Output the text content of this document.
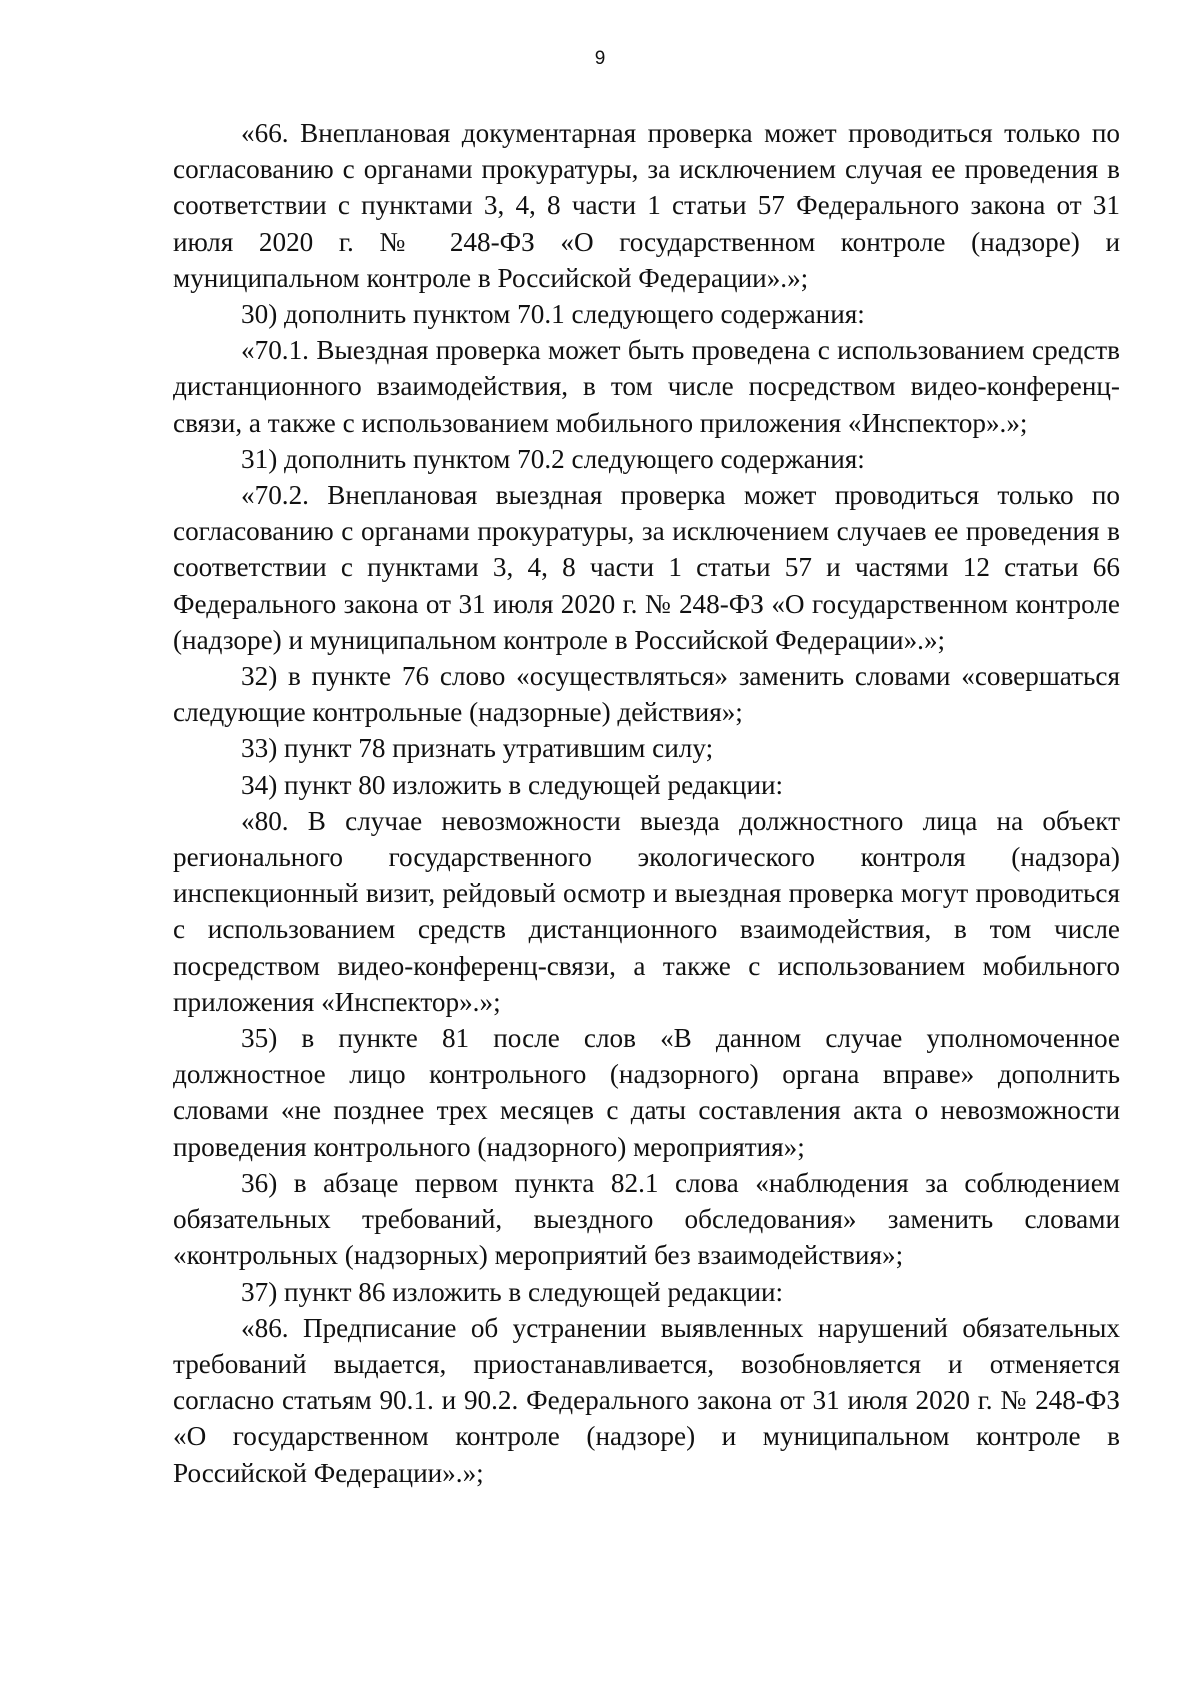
9

«66. Внеплановая документарная проверка может проводиться только по согласованию с органами прокуратуры, за исключением случая ее проведения в соответствии с пунктами 3, 4, 8 части 1 статьи 57 Федерального закона от 31 июля 2020 г. № 248-ФЗ «О государственном контроле (надзоре) и муниципальном контроле в Российской Федерации».»;

30) дополнить пунктом 70.1 следующего содержания:

«70.1. Выездная проверка может быть проведена с использованием средств дистанционного взаимодействия, в том числе посредством видео-конференц-связи, а также с использованием мобильного приложения «Инспектор».»;

31) дополнить пунктом 70.2 следующего содержания:

«70.2. Внеплановая выездная проверка может проводиться только по согласованию с органами прокуратуры, за исключением случаев ее проведения в соответствии с пунктами 3, 4, 8 части 1 статьи 57 и частями 12 статьи 66 Федерального закона от 31 июля 2020 г. № 248-ФЗ «О государственном контроле (надзоре) и муниципальном контроле в Российской Федерации».»;

32) в пункте 76 слово «осуществляться» заменить словами «совершаться следующие контрольные (надзорные) действия»;

33) пункт 78 признать утратившим силу;

34) пункт 80 изложить в следующей редакции:

«80. В случае невозможности выезда должностного лица на объект регионального государственного экологического контроля (надзора) инспекционный визит, рейдовый осмотр и выездная проверка могут проводиться с использованием средств дистанционного взаимодействия, в том числе посредством видео-конференц-связи, а также с использованием мобильного приложения «Инспектор».»;

35) в пункте 81 после слов «В данном случае уполномоченное должностное лицо контрольного (надзорного) органа вправе» дополнить словами «не позднее трех месяцев с даты составления акта о невозможности проведения контрольного (надзорного) мероприятия»;

36) в абзаце первом пункта 82.1 слова «наблюдения за соблюдением обязательных требований, выездного обследования» заменить словами «контрольных (надзорных) мероприятий без взаимодействия»;

37) пункт 86 изложить в следующей редакции:

«86. Предписание об устранении выявленных нарушений обязательных требований выдается, приостанавливается, возобновляется и отменяется согласно статьям 90.1. и 90.2. Федерального закона от 31 июля 2020 г. № 248-ФЗ «О государственном контроле (надзоре) и муниципальном контроле в Российской Федерации».»;
